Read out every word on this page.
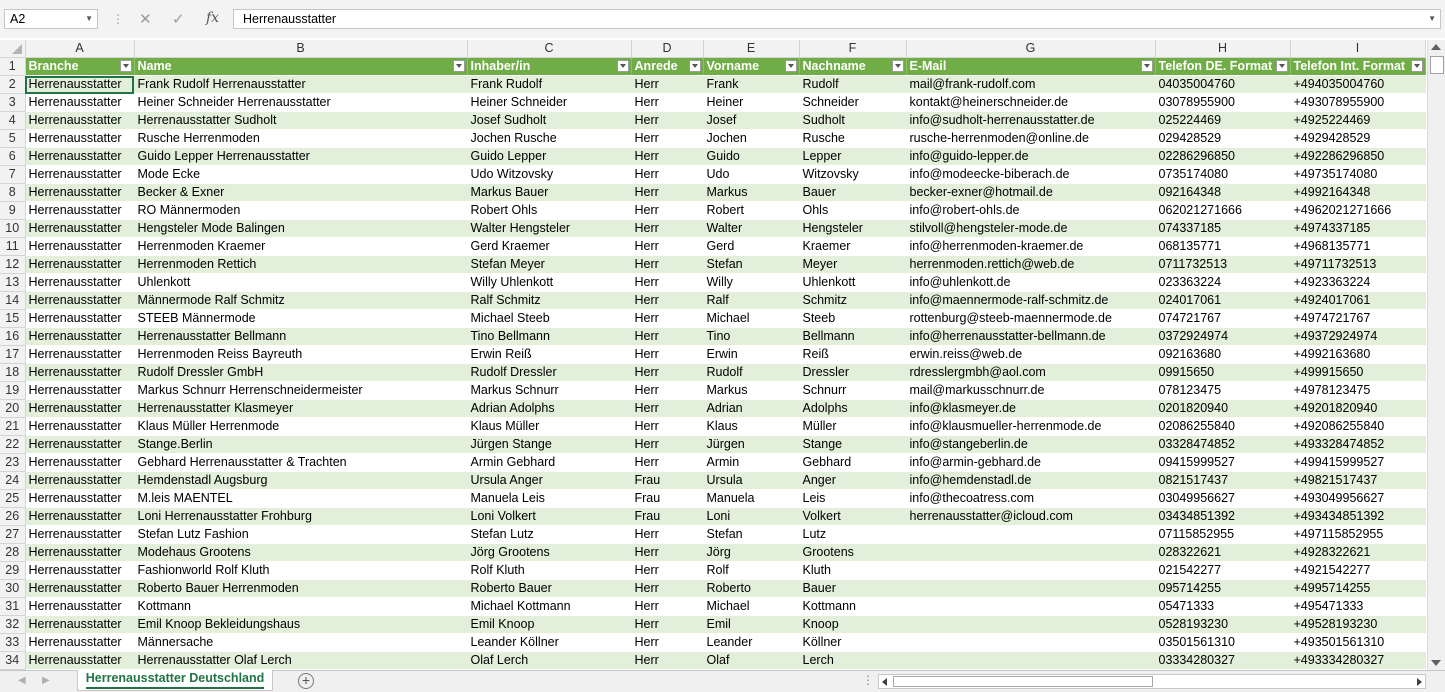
A2	▼ ⋮ ✕ ✓ fx	Herrenausstatter	▼
	A	B	C	D	E	F	G	H	I
1	Branche	Name	Inhaber/in	Anrede	Vorname	Nachname	E-Mail	Telefon DE. Format	Telefon Int. Format

2	Herrenausstatter	Frank Rudolf Herrenausstatter	Frank Rudolf	Herr	Frank	Rudolf	mail@frank-rudolf.com	04035004760	+494035004760
3	Herrenausstatter	Heiner Schneider Herrenausstatter	Heiner Schneider	Herr	Heiner	Schneider	kontakt@heinerschneider.de	03078955900	+493078955900
4	Herrenausstatter	Herrenausstatter Sudholt	Josef Sudholt	Herr	Josef	Sudholt	info@sudholt-herrenausstatter.de	025224469	+4925224469
5	Herrenausstatter	Rusche Herrenmoden	Jochen Rusche	Herr	Jochen	Rusche	rusche-herrenmoden@online.de	029428529	+4929428529
6	Herrenausstatter	Guido Lepper Herrenausstatter	Guido Lepper	Herr	Guido	Lepper	info@guido-lepper.de	02286296850	+492286296850
7	Herrenausstatter	Mode Ecke	Udo Witzovsky	Herr	Udo	Witzovsky	info@modeecke-biberach.de	0735174080	+49735174080
8	Herrenausstatter	Becker & Exner	Markus Bauer	Herr	Markus	Bauer	becker-exner@hotmail.de	092164348	+4992164348
9	Herrenausstatter	RO Männermoden	Robert Ohls	Herr	Robert	Ohls	info@robert-ohls.de	062021271666	+4962021271666
10	Herrenausstatter	Hengsteler Mode Balingen	Walter Hengsteler	Herr	Walter	Hengsteler	stilvoll@hengsteler-mode.de	074337185	+4974337185
11	Herrenausstatter	Herrenmoden Kraemer	Gerd Kraemer	Herr	Gerd	Kraemer	info@herrenmoden-kraemer.de	068135771	+4968135771
12	Herrenausstatter	Herrenmoden Rettich	Stefan Meyer	Herr	Stefan	Meyer	herrenmoden.rettich@web.de	0711732513	+49711732513
13	Herrenausstatter	Uhlenkott	Willy Uhlenkott	Herr	Willy	Uhlenkott	info@uhlenkott.de	023363224	+4923363224
14	Herrenausstatter	Männermode Ralf Schmitz	Ralf Schmitz	Herr	Ralf	Schmitz	info@maennermode-ralf-schmitz.de	024017061	+4924017061
15	Herrenausstatter	STEEB Männermode	Michael Steeb	Herr	Michael	Steeb	rottenburg@steeb-maennermode.de	074721767	+4974721767
16	Herrenausstatter	Herrenausstatter Bellmann	Tino Bellmann	Herr	Tino	Bellmann	info@herrenausstatter-bellmann.de	0372924974	+49372924974
17	Herrenausstatter	Herrenmoden Reiss Bayreuth	Erwin Reiß	Herr	Erwin	Reiß	erwin.reiss@web.de	092163680	+4992163680
18	Herrenausstatter	Rudolf Dressler GmbH	Rudolf Dressler	Herr	Rudolf	Dressler	rdresslergmbh@aol.com	09915650	+499915650
19	Herrenausstatter	Markus Schnurr Herrenschneidermeister	Markus Schnurr	Herr	Markus	Schnurr	mail@markusschnurr.de	078123475	+4978123475
20	Herrenausstatter	Herrenausstatter Klasmeyer	Adrian Adolphs	Herr	Adrian	Adolphs	info@klasmeyer.de	0201820940	+49201820940
21	Herrenausstatter	Klaus Müller Herrenmode	Klaus Müller	Herr	Klaus	Müller	info@klausmueller-herrenmode.de	02086255840	+492086255840
22	Herrenausstatter	Stange.Berlin	Jürgen Stange	Herr	Jürgen	Stange	info@stangeberlin.de	03328474852	+493328474852
23	Herrenausstatter	Gebhard Herrenausstatter & Trachten	Armin Gebhard	Herr	Armin	Gebhard	info@armin-gebhard.de	09415999527	+499415999527
24	Herrenausstatter	Hemdenstadl Augsburg	Ursula Anger	Frau	Ursula	Anger	info@hemdenstadl.de	0821517437	+49821517437
25	Herrenausstatter	M.leis MAENTEL	Manuela Leis	Frau	Manuela	Leis	info@thecoatress.com	03049956627	+493049956627
26	Herrenausstatter	Loni Herrenausstatter Frohburg	Loni Volkert	Frau	Loni	Volkert	herrenausstatter@icloud.com	03434851392	+493434851392
27	Herrenausstatter	Stefan Lutz Fashion	Stefan Lutz	Herr	Stefan	Lutz		07115852955	+497115852955
28	Herrenausstatter	Modehaus Grootens	Jörg Grootens	Herr	Jörg	Grootens		028322621	+4928322621
29	Herrenausstatter	Fashionworld Rolf Kluth	Rolf Kluth	Herr	Rolf	Kluth		021542277	+4921542277
30	Herrenausstatter	Roberto Bauer Herrenmoden	Roberto Bauer	Herr	Roberto	Bauer		095714255	+4995714255
31	Herrenausstatter	Kottmann	Michael Kottmann	Herr	Michael	Kottmann		05471333	+495471333
32	Herrenausstatter	Emil Knoop Bekleidungshaus	Emil Knoop	Herr	Emil	Knoop		0528193230	+49528193230
33	Herrenausstatter	Männersache	Leander Köllner	Herr	Leander	Köllner		03501561310	+493501561310
34	Herrenausstatter	Herrenausstatter Olaf Lerch	Olaf Lerch	Herr	Olaf	Lerch		03334280327	+493334280327
◀ ▶	Herrenausstatter Deutschland	+	⋮
